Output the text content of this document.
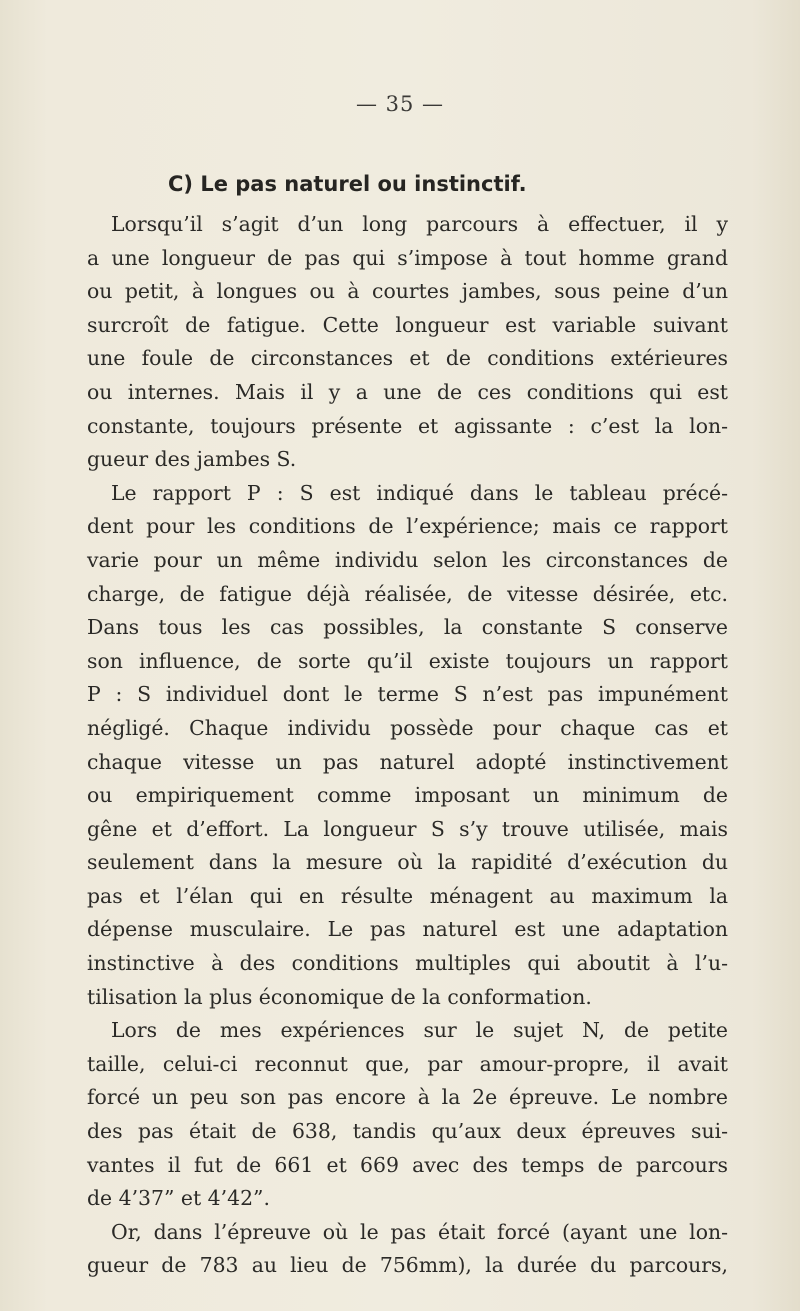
— 35 —
C) Le pas naturel ou instinctif.

Lorsqu’il s’agit d’un long parcours à effectuer, il y
a une longueur de pas qui s’impose à tout homme grand
ou petit, à longues ou à courtes jambes, sous peine d’un
surcroît de fatigue. Cette longueur est variable suivant
une foule de circonstances et de conditions extérieures
ou internes. Mais il y a une de ces conditions qui est
constante, toujours présente et agissante : c’est la lon-
gueur des jambes S.

Le rapport P : S est indiqué dans le tableau précé-
dent pour les conditions de l’expérience; mais ce rapport
varie pour un même individu selon les circonstances de
charge, de fatigue déjà réalisée, de vitesse désirée, etc.
Dans tous les cas possibles, la constante S conserve
son influence, de sorte qu’il existe toujours un rapport
P : S individuel dont le terme S n’est pas impunément
négligé. Chaque individu possède pour chaque cas et
chaque vitesse un pas naturel adopté instinctivement
ou empiriquement comme imposant un minimum de
gêne et d’effort. La longueur S s’y trouve utilisée, mais
seulement dans la mesure où la rapidité d’exécution du
pas et l’élan qui en résulte ménagent au maximum la
dépense musculaire. Le pas naturel est une adaptation
instinctive à des conditions multiples qui aboutit à l’u-
tilisation la plus économique de la conformation.

Lors de mes expériences sur le sujet N, de petite
taille, celui-ci reconnut que, par amour-propre, il avait
forcé un peu son pas encore à la 2e épreuve. Le nombre
des pas était de 638, tandis qu’aux deux épreuves sui-
vantes il fut de 661 et 669 avec des temps de parcours
de 4’37” et 4’42”.

Or, dans l’épreuve où le pas était forcé (ayant une lon-
gueur de 783 au lieu de 756mm), la durée du parcours,
